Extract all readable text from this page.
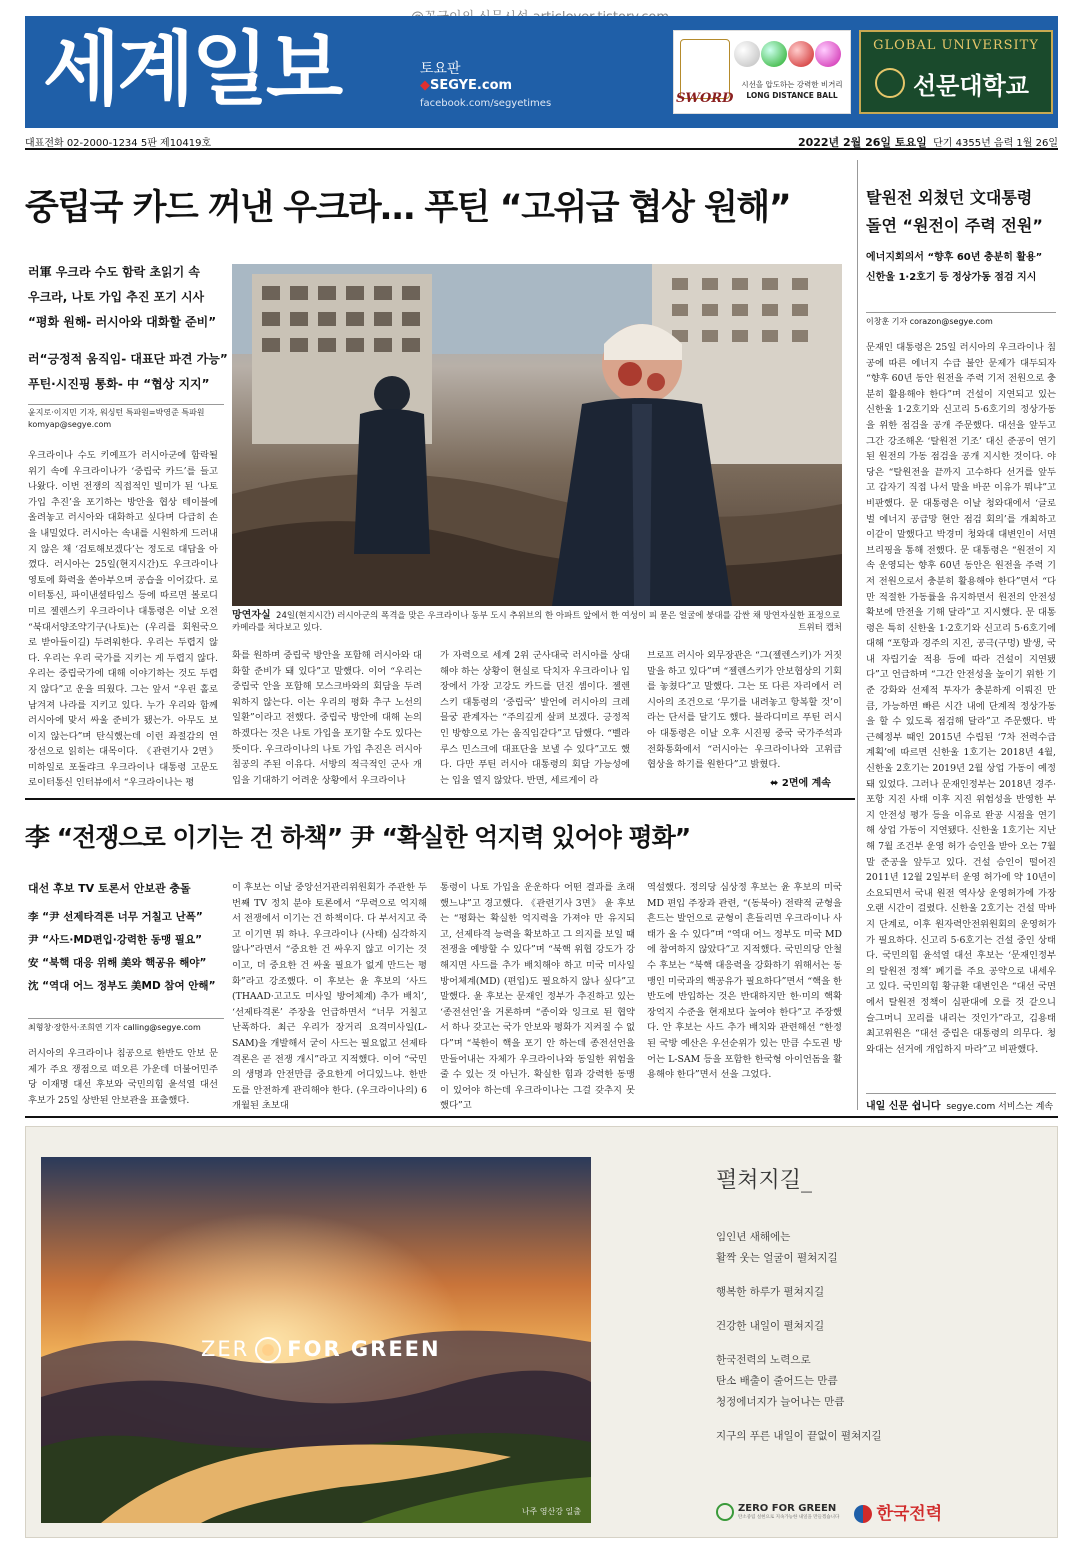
세계일보	토요판
◆SEGYE.com
facebook.com/segyetimes	SWORD
시선을 압도하는 강력한 비거리
LONG DISTANCE BALL
GLOBAL UNIVERSITY
선문대학교
대표전화 02-2000-1234 5판 제10419호	2022년 2월 26일 토요일 단기 4355년 음력 1월 26일
중립국 카드 꺼낸 우크라… 푸틴 “고위급 협상 원해”

러軍 우크라 수도 함락 초읽기 속

우크라, 나토 가입 추진 포기 시사

“평화 원해- 러시아와 대화할 준비”

러“긍정적 움직임- 대표단 파견 가능”

푸틴·시진핑 통화- 中 “협상 지지”

윤지로·이지민 기자, 워싱턴 특파원=박영준 특파원
komyap@segye.com
망연자실 24일(현지시간) 러시아군의 폭격을 맞은 우크라이나 동부 도시 추위브의 한 아파트 앞에서 한 여성이 피 묻은 얼굴에 붕대를 감싼 채 망연자실한 표정으로 카메라를 쳐다보고 있다.	트위터 캡처
우크라이나 수도 키예프가 러시아군에 함락될 위기 속에 우크라이나가 ‘중립국 카드’를 들고 나왔다. 이번 전쟁의 직접적인 빌미가 된 ‘나토 가입 추진’을 포기하는 방안을 협상 테이블에 올려놓고 러시아와 대화하고 싶다며 다급히 손을 내밀었다. 러시아는 속내를 시원하게 드러내지 않은 채 ‘검토해보겠다’는 정도로 대답을 아꼈다. 러시아는 25일(현지시간)도 우크라이나 영토에 화력을 쏟아부으며 공습을 이어갔다. 로이터통신, 파이낸셜타임스 등에 따르면 볼로디미르 젤렌스키 우크라이나 대통령은 이날 오전 “북대서양조약기구(나토)는 (우리를 회원국으로 받아들이길) 두려워한다. 우리는 두렵지 않다. 우리는 우리 국가를 지키는 게 두렵지 않다. 우리는 중립국가에 대해 이야기하는 것도 두렵지 않다”고 운을 띄웠다. 그는 앞서 “우린 홀로 남겨져 나라를 지키고 있다. 누가 우리와 함께 러시아에 맞서 싸울 준비가 됐는가. 아무도 보이지 않는다”며 탄식했는데 이런 좌절감의 연장선으로 읽히는 대목이다. 《관련기사 2면》 미하일로 포돌랴크 우크라이나 대통령 고문도 로이터통신 인터뷰에서 “우크라이나는 평
화를 원하며 중립국 방안을 포함해 러시아와 대화할 준비가 돼 있다”고 말했다. 이어 “우리는 중립국 안을 포함해 모스크바와의 회담을 두려워하지 않는다. 이는 우리의 평화 추구 노선의 일환”이라고 전했다. 중립국 방안에 대해 논의하겠다는 것은 나토 가입을 포기할 수도 있다는 뜻이다. 우크라이나의 나토 가입 추진은 러시아 침공의 주된 이유다. 서방의 적극적인 군사 개입을 기대하기 어려운 상황에서 우크라이나
가 자력으로 세계 2위 군사대국 러시아를 상대해야 하는 상황이 현실로 닥치자 우크라이나 입장에서 가장 고강도 카드를 던진 셈이다. 젤렌스키 대통령의 ‘중립국’ 발언에 러시아의 크레믈궁 관계자는 “주의깊게 살펴 보겠다. 긍정적인 방향으로 가는 움직임같다”고 답했다. “벨라루스 민스크에 대표단을 보낼 수 있다”고도 했다. 다만 푸틴 러시아 대통령의 회담 가능성에는 입을 열지 않았다. 반면, 세르게이 라
브로프 러시아 외무장관은 “그(젤렌스키)가 거짓말을 하고 있다”며 “젤렌스키가 안보협상의 기회를 놓쳤다”고 말했다. 그는 또 다른 자리에서 러시아의 조건으로 ‘무기를 내려놓고 항복할 것’이라는 단서를 달기도 했다. 블라디미르 푸틴 러시아 대통령은 이날 오후 시진핑 중국 국가주석과 전화통화에서 “러시아는 우크라이나와 고위급 협상을 하기를 원한다”고 밝혔다.
⬌ 2면에 계속
李 “전쟁으로 이기는 건 하책” 尹 “확실한 억지력 있어야 평화”
대선 후보 TV 토론서 안보관 충돌
李 “尹 선제타격론 너무 거칠고 난폭”
尹 “사드·MD편입·강력한 동맹 필요”
安 “북핵 대응 위해 美와 핵공유 해야”
沈 “역대 어느 정부도 美MD 참여 안해”
최형창·장한서·조희연 기자 calling@segye.com
러시아의 우크라이나 침공으로 한반도 안보 문제가 주요 쟁점으로 떠오른 가운데 더불어민주당 이재명 대선 후보와 국민의힘 윤석열 대선 후보가 25일 상반된 안보관을 표출했다.
이 후보는 이날 중앙선거관리위원회가 주관한 두번째 TV 정치 분야 토론에서 “무력으로 억지해서 전쟁에서 이기는 건 하책이다. 다 부서지고 죽고 이기면 뭐 하나. 우크라이나 (사태) 심각하지 않나”라면서 “중요한 건 싸우지 않고 이기는 것이고, 더 중요한 건 싸울 필요가 없게 만드는 평화”라고 강조했다. 이 후보는 윤 후보의 ‘사드(THAAD·고고도 미사일 방어체계) 추가 배치’, ‘선제타격론’ 주장을 언급하면서 “너무 거칠고 난폭하다. 최근 우리가 장거리 요격미사일(L-SAM)을 개발해서 굳이 사드는 필요없고 선제타격론은 곧 전쟁 개시”라고 지적했다. 이어 “국민의 생명과 안전만큼 중요한게 어디있느냐. 한반도를 안전하게 관리해야 한다. (우크라이나의) 6개월된 초보대
통령이 나토 가입을 운운하다 어떤 결과를 초래했느냐”고 경고했다. 《관련기사 3면》 윤 후보는 “평화는 확실한 억지력을 가져야 만 유지되고, 선제타격 능력을 확보하고 그 의지를 보일 때 전쟁을 예방할 수 있다”며 “북핵 위협 강도가 강해지면 사드를 추가 배치해야 하고 미국 미사일방어체계(MD) (편입)도 필요하지 않나 싶다”고 말했다. 윤 후보는 문재인 정부가 추진하고 있는 ‘종전선언’을 거론하며 “종이와 잉크로 된 협약서 하나 갖고는 국가 안보와 평화가 지켜질 수 없다”며 “북한이 핵을 포기 안 하는데 종전선언을 만들어내는 자체가 우크라이나와 동일한 위험을 줄 수 있는 것 아닌가. 확실한 힘과 강력한 동맹이 있어야 하는데 우크라이나는 그걸 갖추지 못했다”고
역설했다. 정의당 심상정 후보는 윤 후보의 미국 MD 편입 주장과 관련, “(동북아) 전략적 균형을 흔드는 발언으로 균형이 흔들리면 우크라이나 사태가 올 수 있다”며 “역대 어느 정부도 미국 MD에 참여하지 않았다”고 지적했다. 국민의당 안철수 후보는 “북핵 대응력을 강화하기 위해서는 동맹인 미국과의 핵공유가 필요하다”면서 “핵을 한반도에 반입하는 것은 반대하지만 한·미의 핵확장억지 수준을 현재보다 높여야 한다”고 주장했다. 안 후보는 사드 추가 배치와 관련해선 “한정된 국방 예산은 우선순위가 있는 만큼 수도권 방어는 L-SAM 등을 포함한 한국형 아이언돔을 활용해야 한다”면서 선을 그었다.
탈원전 외쳤던 文대통령
돌연 “원전이 주력 전원”
에너지회의서 “향후 60년 충분히 활용”
신한울 1·2호기 등 정상가동 점검 지시
이창훈 기자 corazon@segye.com
문재인 대통령은 25일 러시아의 우크라이나 침공에 따른 에너지 수급 불안 문제가 대두되자 “향후 60년 동안 원전을 주력 기저 전원으로 충분히 활용해야 한다”며 건설이 지연되고 있는 신한울 1·2호기와 신고리 5·6호기의 정상가동을 위한 점검을 공개 주문했다. 대선을 앞두고 그간 강조해온 ‘탈원전 기조’ 대신 준공이 연기된 원전의 가동 점검을 공개 지시한 것이다. 야당은 “탈원전을 끝까지 고수하다 선거를 앞두고 갑자기 직접 나서 말을 바꾼 이유가 뭐냐”고 비판했다. 문 대통령은 이날 청와대에서 ‘글로벌 에너지 공급망 현안 점검 회의’를 개최하고 이같이 말했다고 박경미 청와대 대변인이 서면 브리핑을 통해 전했다. 문 대통령은 “원전이 지속 운영되는 향후 60년 동안은 원전을 주력 기저 전원으로서 충분히 활용해야 한다”면서 “다만 적절한 가동률을 유지하면서 원전의 안전성 확보에 만전을 기해 달라”고 지시했다. 문 대통령은 특히 신한울 1·2호기와 신고리 5·6호기에 대해 “포항과 경주의 지진, 공극(구멍) 발생, 국내 자립기술 적용 등에 따라 건설이 지연됐다”고 언급하며 “그간 안전성을 높이기 위한 기준 강화와 선제적 투자가 충분하게 이뤄진 만큼, 가능하면 빠른 시간 내에 단계적 정상가동을 할 수 있도록 점검해 달라”고 주문했다. 박근혜정부 때인 2015년 수립된 ‘7차 전력수급 계획’에 따르면 신한울 1호기는 2018년 4월, 신한울 2호기는 2019년 2월 상업 가동이 예정돼 있었다. 그러나 문재인정부는 2018년 경주·포항 지진 사태 이후 지진 위험성을 반영한 부지 안전성 평가 등을 이유로 완공 시점을 연기해 상업 가동이 지연됐다. 신한울 1호기는 지난해 7월 조건부 운영 허가 승인을 받아 오는 7월 말 준공을 앞두고 있다. 건설 승인이 떨어진 2011년 12월 2일부터 운영 허가에 약 10년이 소요되면서 국내 원전 역사상 운영허가에 가장 오랜 시간이 걸렸다. 신한울 2호기는 건설 막바지 단계로, 이후 원자력안전위원회의 운영허가가 필요하다. 신고리 5·6호기는 건설 중인 상태다. 국민의힘 윤석열 대선 후보는 ‘문재인정부의 탈원전 정책’ 폐기를 주요 공약으로 내세우고 있다. 국민의힘 황규환 대변인은 “대선 국면에서 탈원전 정책이 심판대에 오를 것 같으니 슬그머니 꼬리를 내리는 것인가”라고, 김용태 최고위원은 “대선 중립은 대통령의 의무다. 청와대는 선거에 개입하지 마라”고 비판했다.
내일 신문 쉽니다 segye.com 서비스는 계속
ZER FOR GREEN
나주 영산강 일출
펼쳐지길_
임인년 새해에는
활짝 웃는 얼굴이 펼쳐지길
행복한 하루가 펼쳐지길
건강한 내일이 펼쳐지길
한국전력의 노력으로
탄소 배출이 줄어드는 만큼
청정에너지가 늘어나는 만큼
지구의 푸른 내일이 끝없이 펼쳐지길
ZERO FOR GREEN
탄소중립 실현으로 지속가능한 내일을 만들겠습니다 한국전력
